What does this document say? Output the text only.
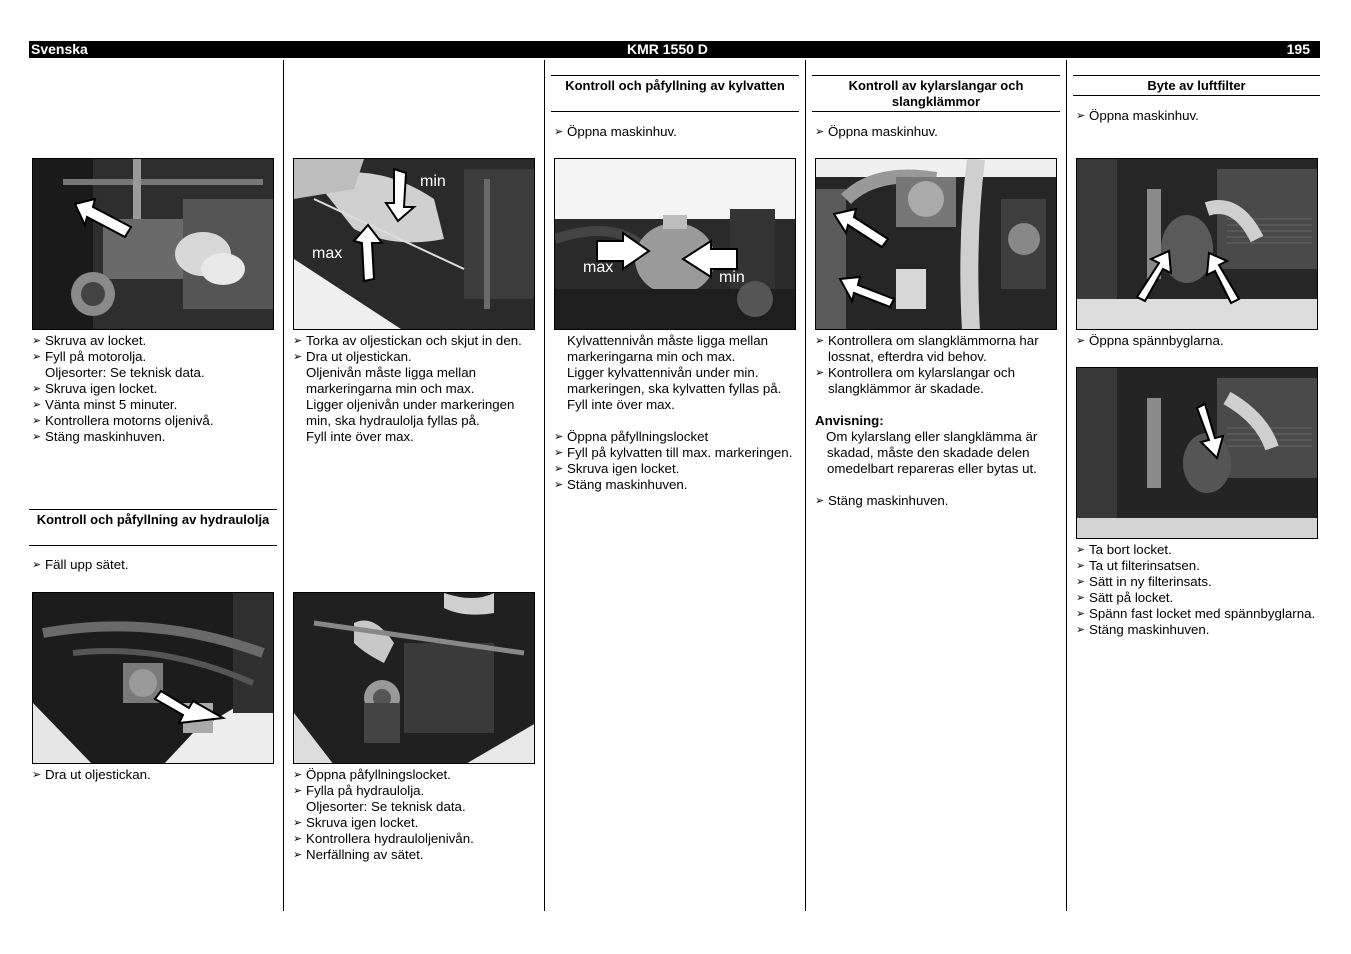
Svenska	KMR 1550 D	195
➢ Skruva av locket.
➢ Fyll på motorolja.
Oljesorter: Se teknisk data.
➢ Skruva igen locket.
➢ Vänta minst 5 minuter.
➢ Kontrollera motorns oljenivå.
➢ Stäng maskinhuven.
Kontroll och påfyllning av hydraulolja
➢ Fäll upp sätet.
➢ Dra ut oljestickan.
min
max
➢ Torka av oljestickan och skjut in den.
➢ Dra ut oljestickan.
Oljenivån måste ligga mellan markeringarna min och max.
Ligger oljenivån under markeringen min, ska hydraulolja fyllas på.
Fyll inte över max.
➢ Öppna påfyllningslocket.
➢ Fylla på hydraulolja.
Oljesorter: Se teknisk data.
➢ Skruva igen locket.
➢ Kontrollera hydrauloljenivån.
➢ Nerfällning av sätet.
Kontroll och påfyllning av kylvatten
➢ Öppna maskinhuv.
max
min
Kylvattennivån måste ligga mellan markeringarna min och max.
Ligger kylvattennivån under min. markeringen, ska kylvatten fyllas på.
Fyll inte över max.
➢ Öppna påfyllningslocket
➢ Fyll på kylvatten till max. markeringen.
➢ Skruva igen locket.
➢ Stäng maskinhuven.
Kontroll av kylarslangar och slangklämmor
➢ Öppna maskinhuv.
➢ Kontrollera om slangklämmorna har lossnat, efterdra vid behov.
➢ Kontrollera om kylarslangar och slangklämmor är skadade.
Anvisning:
Om kylarslang eller slangklämma är skadad, måste den skadade delen omedelbart repareras eller bytas ut.
➢ Stäng maskinhuven.
Byte av luftfilter
➢ Öppna maskinhuv.
➢ Öppna spännbyglarna.
➢ Ta bort locket.
➢ Ta ut filterinsatsen.
➢ Sätt in ny filterinsats.
➢ Sätt på locket.
➢ Spänn fast locket med spännbyglarna.
➢ Stäng maskinhuven.
